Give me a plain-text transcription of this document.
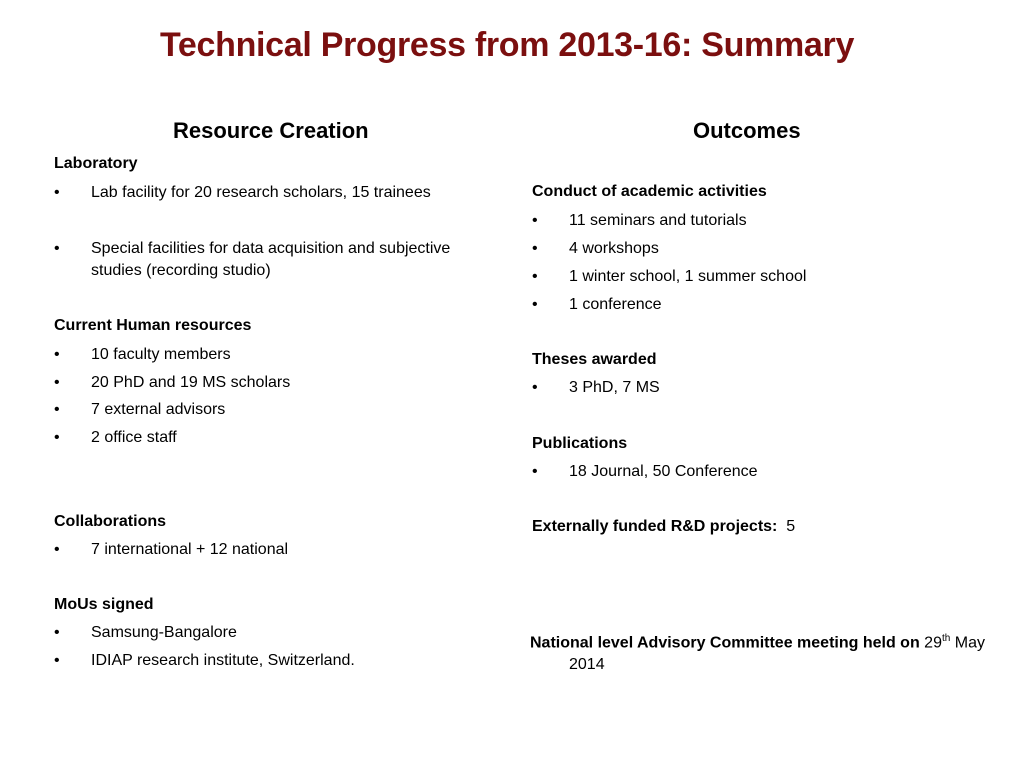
Technical Progress from 2013-16: Summary
Resource Creation
Laboratory
• Lab facility for 20 research scholars, 15 trainees
• Special facilities for data acquisition and subjective studies (recording studio)
Current Human resources
• 10 faculty members
• 20 PhD and 19 MS scholars
• 7 external advisors
• 2 office staff
Collaborations
• 7 international + 12 national
MoUs signed
• Samsung-Bangalore
• IDIAP research institute, Switzerland.
Outcomes
Conduct of academic activities
• 11 seminars and tutorials
• 4 workshops
• 1 winter school, 1 summer school
• 1 conference
Theses awarded
• 3 PhD, 7 MS
Publications
• 18 Journal, 50 Conference
Externally funded R&D projects: 5
National level Advisory Committee meeting held on 29th May 2014
